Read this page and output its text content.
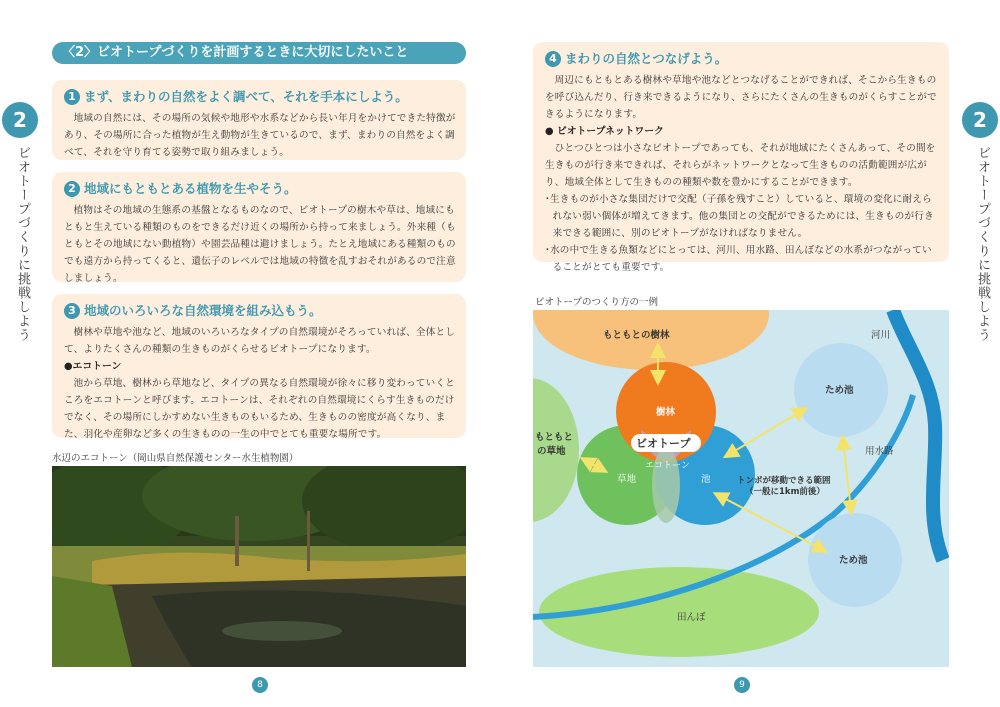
〈2〉ビオトープづくりを計画するときに大切にしたいこと
1 まず、まわりの自然をよく調べて、それを手本にしよう。
地域の自然には、その場所の気候や地形や水系などから長い年月をかけてできた特徴があり、その場所に合った植物が生え動物が生きているので、まず、まわりの自然をよく調べて、それを守り育てる姿勢で取り組みましょう。
2 地域にもともとある植物を生やそう。
植物はその地域の生態系の基盤となるものなので、ビオトープの樹木や草は、地域にもともと生えている種類のものをできるだけ近くの場所から持って来ましょう。外来種（もともとその地域にない動植物）や園芸品種は避けましょう。たとえ地域にある種類のものでも遠方から持ってくると、遺伝子のレベルでは地域の特徴を乱すおそれがあるので注意しましょう。
3 地域のいろいろな自然環境を組み込もう。
樹林や草地や池など、地域のいろいろなタイプの自然環境がそろっていれば、全体として、よりたくさんの種類の生きものがくらせるビオトープになります。
●エコトーン
池から草地、樹林から草地など、タイプの異なる自然環境が徐々に移り変わっていくところをエコトーンと呼びます。エコトーンは、それぞれの自然環境にくらす生きものだけでなく、その場所にしかすめない生きものもいるため、生きものの密度が高くなり、また、羽化や産卵など多くの生きものの一生の中でとても重要な場所です。
水辺のエコトーン（岡山県自然保護センター水生植物園）
8
2
ビオトープづくりに挑戦しよう
4 まわりの自然とつなげよう。
周辺にもともとある樹林や草地や池などとつなげることができれば、そこから生きものを呼び込んだり、行き来できるようになり、さらにたくさんの生きものがくらすことができるようになります。
● ビオトープネットワーク
ひとつひとつは小さなビオトープであっても、それが地域にたくさんあって、その間を生きものが行き来できれば、それらがネットワークとなって生きものの活動範囲が広がり、地域全体として生きものの種類や数を豊かにすることができます。
･生きものが小さな集団だけで交配（子孫を残すこと）していると、環境の変化に耐えられない弱い個体が増えてきます。他の集団との交配ができるためには、生きものが行き来できる範囲に、別のビオトープがなければなりません。
･水の中で生きる魚類などにとっては、河川、用水路、田んぼなどの水系がつながっていることがとても重要です。
ビオトープのつくり方の一例
もともとの樹林	河川
樹林
ビオトープ
エコトーン
草地	池
もともと
の草地
ため池
ため池
用水路
トンボが移動できる範囲
（一般に1km前後）
田んぼ
9
2
ビオトープづくりに挑戦しよう
